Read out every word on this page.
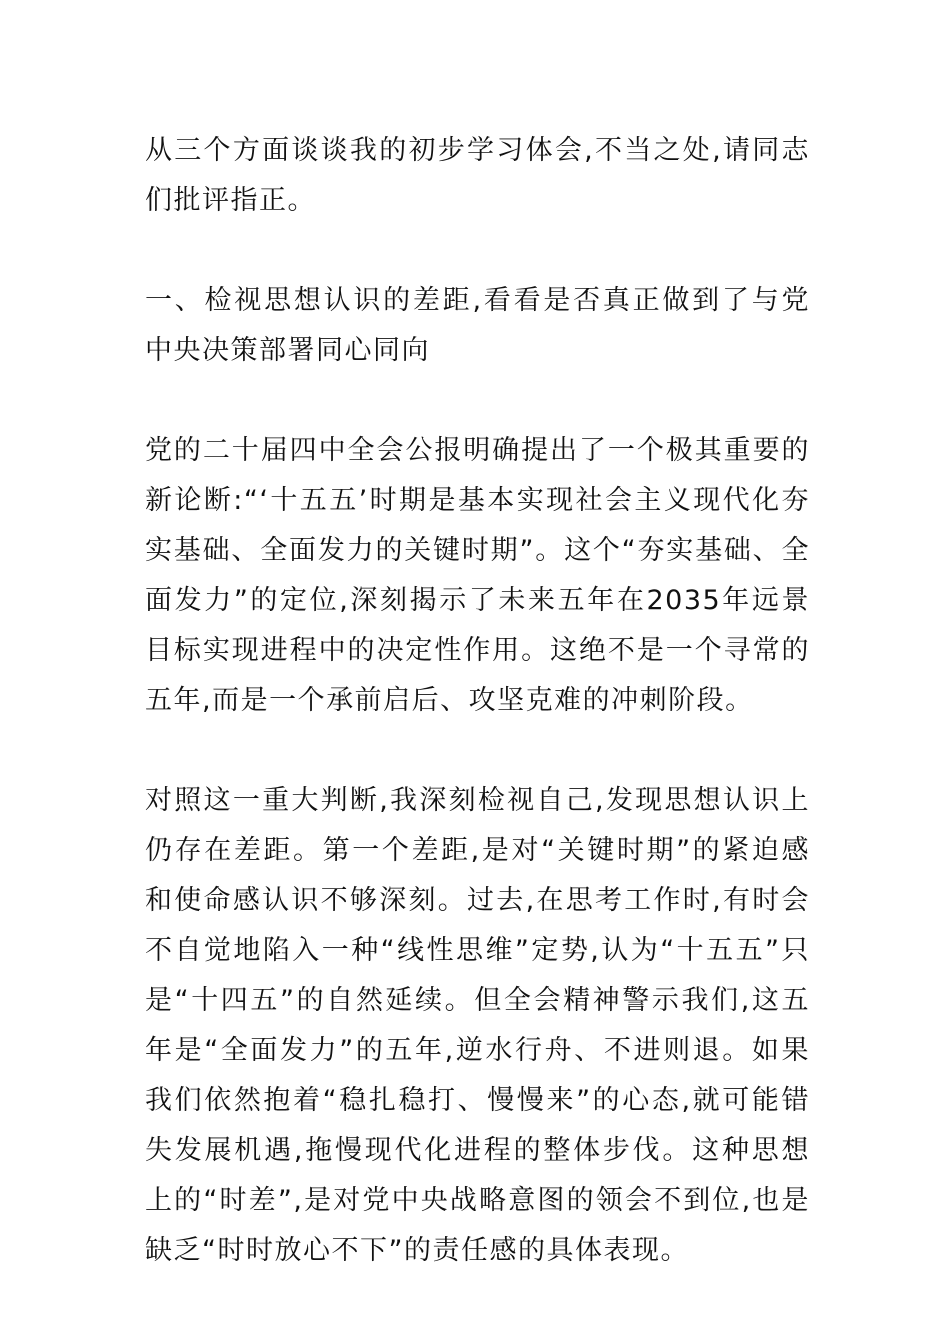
从三个方面谈谈我的初步学习体会,不当之处,请同志们批评指正。

一、检视思想认识的差距,看看是否真正做到了与党中央决策部署同心同向

党的二十届四中全会公报明确提出了一个极其重要的新论断:“‘十五五’时期是基本实现社会主义现代化夯实基础、全面发力的关键时期”。这个“夯实基础、全面发力”的定位,深刻揭示了未来五年在2035年远景目标实现进程中的决定性作用。这绝不是一个寻常的五年,而是一个承前启后、攻坚克难的冲刺阶段。

对照这一重大判断,我深刻检视自己,发现思想认识上仍存在差距。第一个差距,是对“关键时期”的紧迫感和使命感认识不够深刻。过去,在思考工作时,有时会不自觉地陷入一种“线性思维”定势,认为“十五五”只是“十四五”的自然延续。但全会精神警示我们,这五年是“全面发力”的五年,逆水行舟、不进则退。如果我们依然抱着“稳扎稳打、慢慢来”的心态,就可能错失发展机遇,拖慢现代化进程的整体步伐。这种思想上的“时差”,是对党中央战略意图的领会不到位,也是缺乏“时时放心不下”的责任感的具体表现。
